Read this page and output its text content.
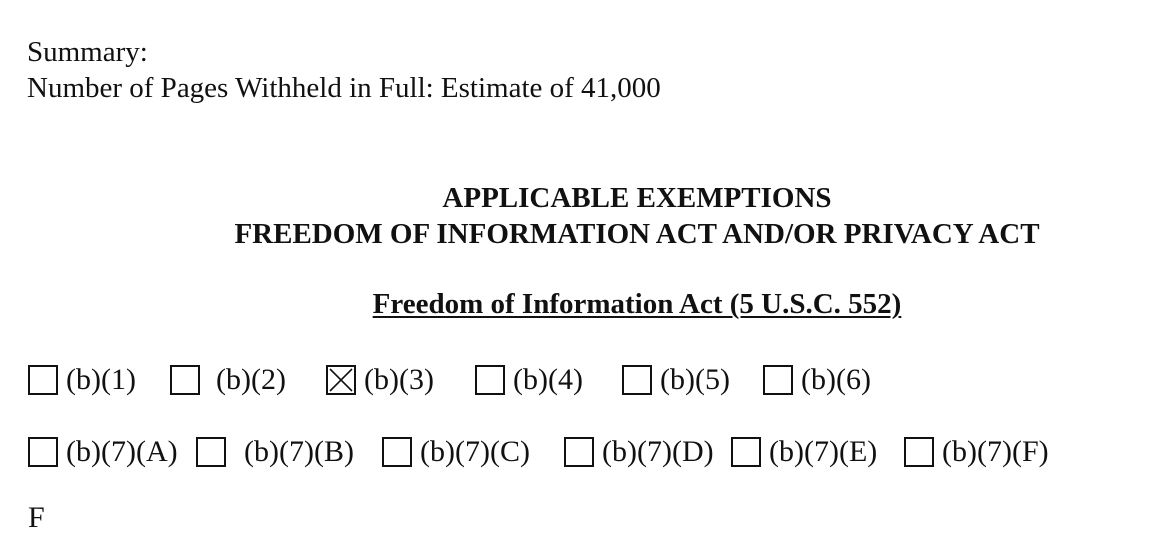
Summary:
Number of Pages Withheld in Full: Estimate of 41,000
APPLICABLE EXEMPTIONS
FREEDOM OF INFORMATION ACT AND/OR PRIVACY ACT
Freedom of Information Act (5 U.S.C. 552)
(b)(1)	(b)(2)	(b)(3)	(b)(4)	(b)(5) (b)(6)
(b)(7)(A) (b)(7)(B) (b)(7)(C) (b)(7)(D) (b)(7)(E) (b)(7)(F)
F
